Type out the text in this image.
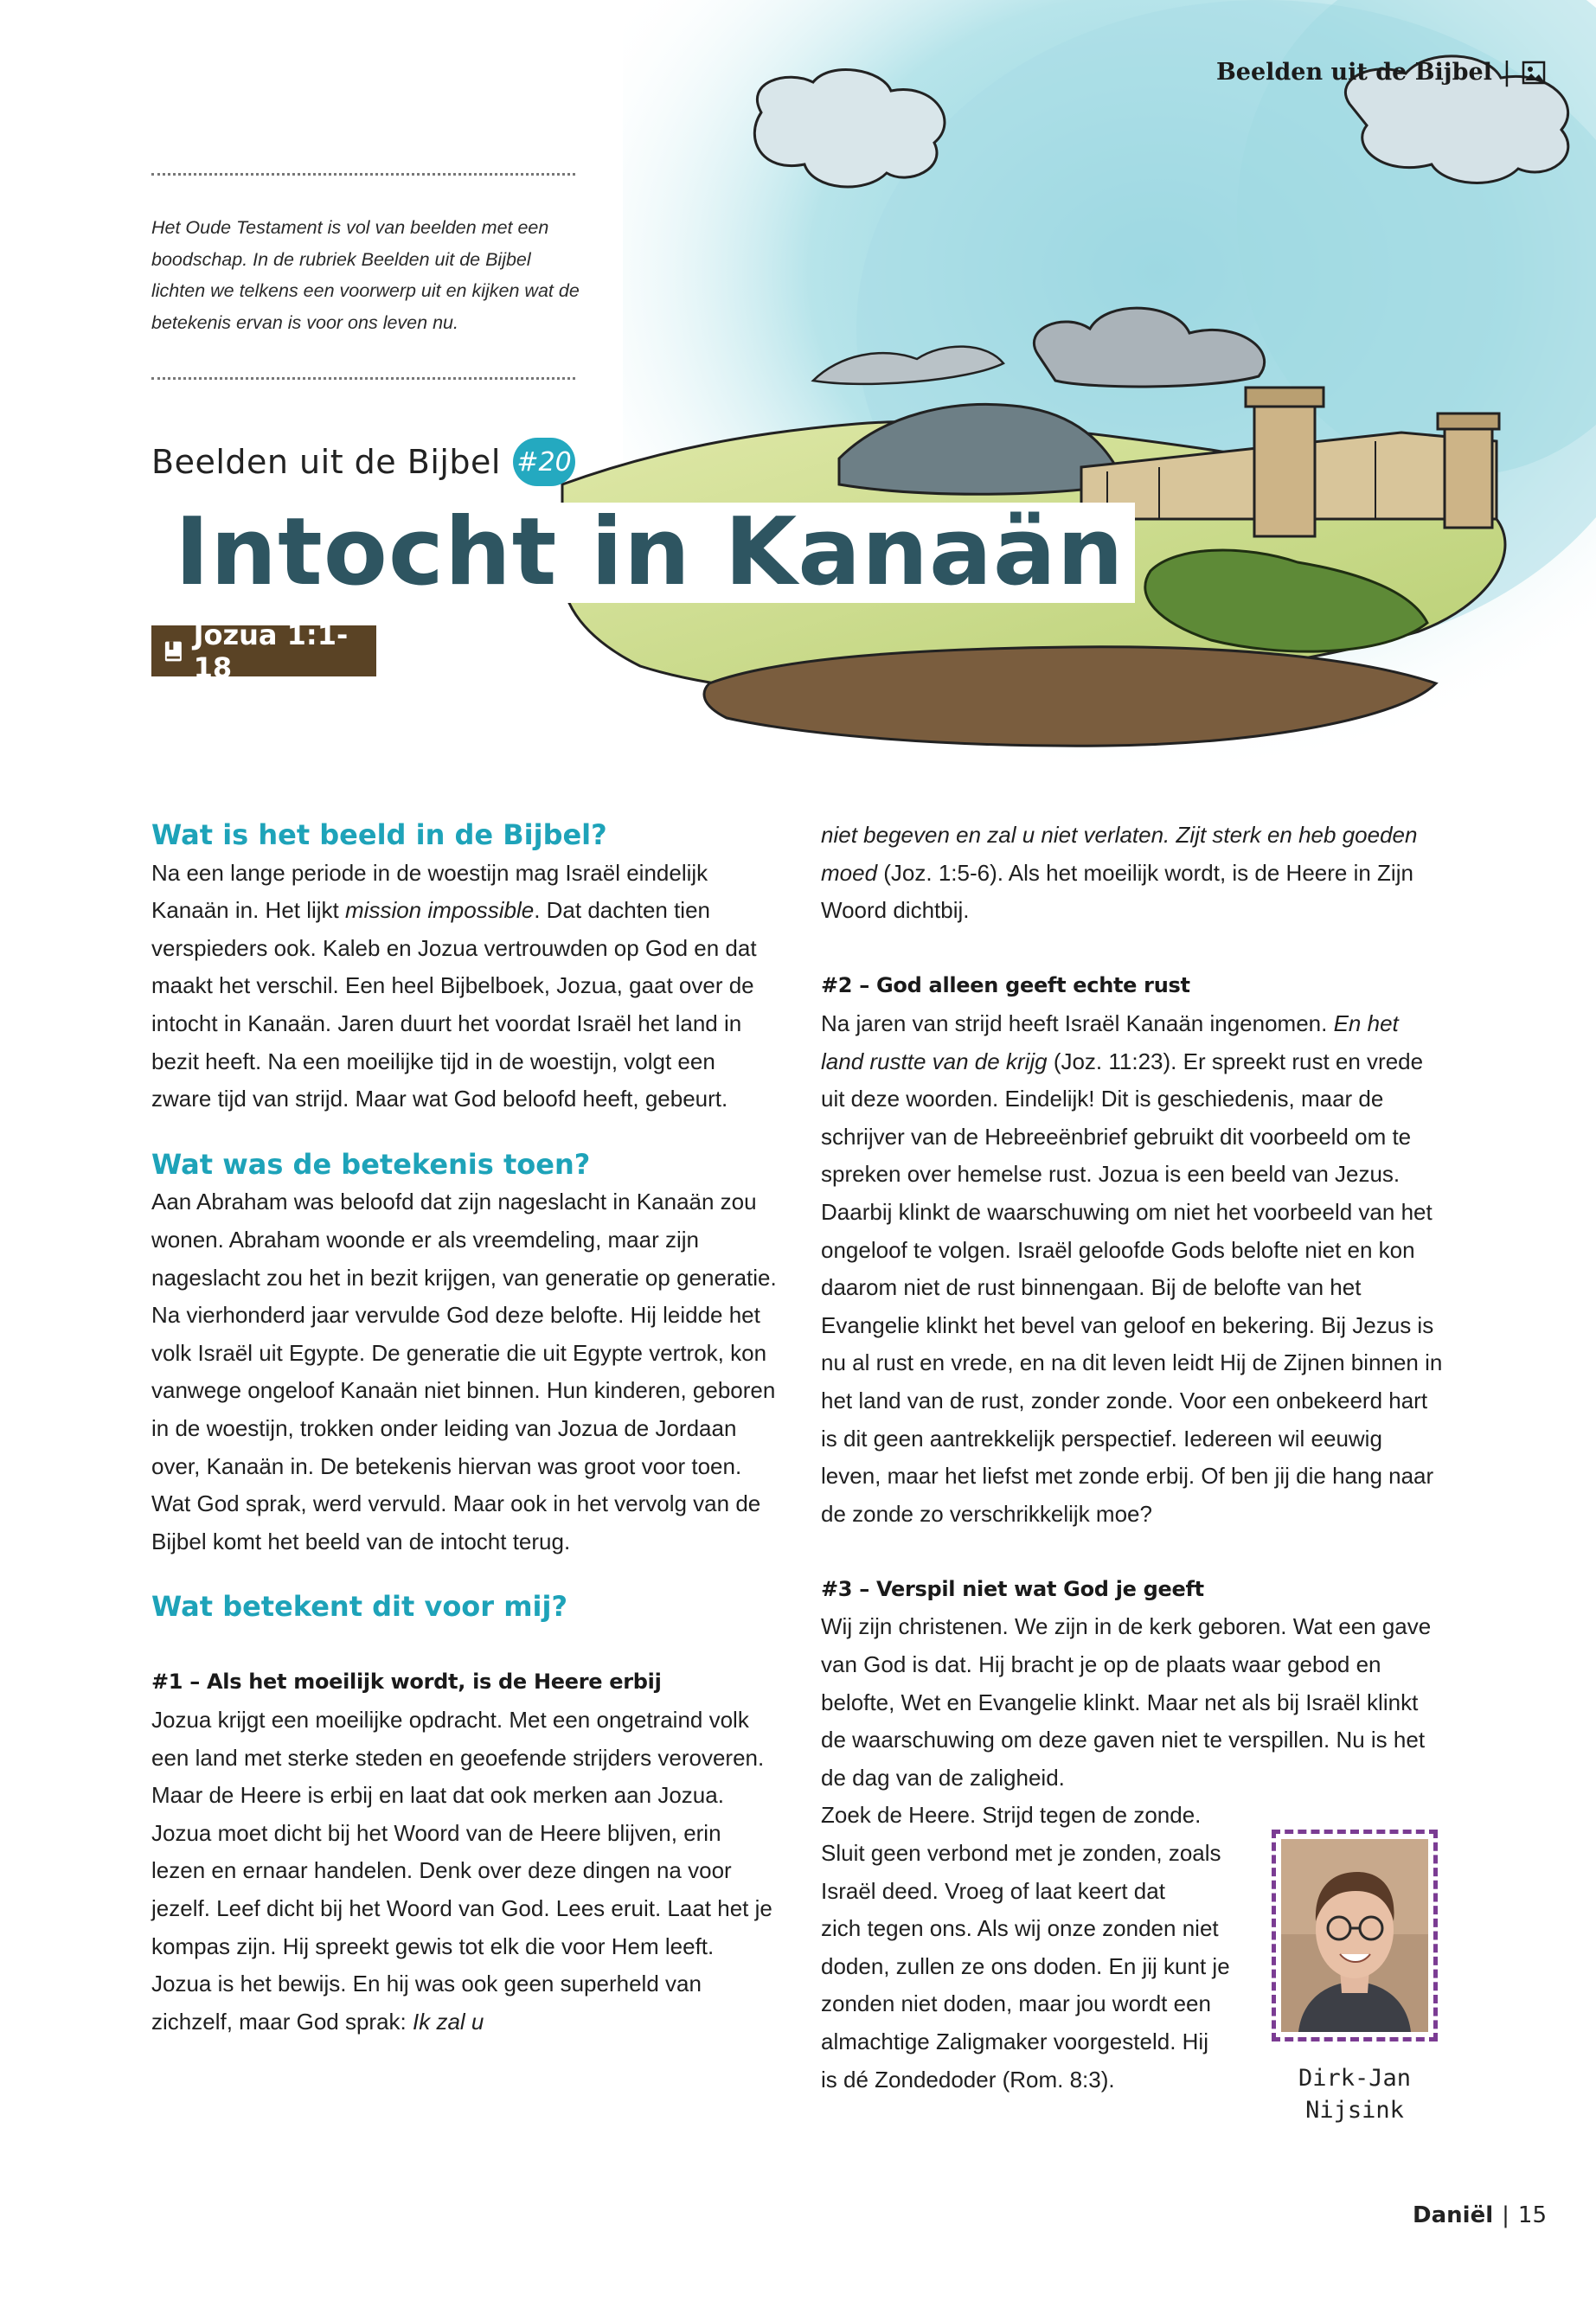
Beelden uit de Bijbel |
Het Oude Testament is vol van beelden met een boodschap. In de rubriek Beelden uit de Bijbel lichten we telkens een voorwerp uit en kijken wat de betekenis ervan is voor ons leven nu.
Beelden uit de Bijbel #20
Intocht in Kanaän
Jozua 1:1-18
Wat is het beeld in de Bijbel?

Na een lange periode in de woestijn mag Israël eindelijk Kanaän in. Het lijkt mission impossible. Dat dachten tien verspieders ook. Kaleb en Jozua vertrouwden op God en dat maakt het verschil. Een heel Bijbelboek, Jozua, gaat over de intocht in Kanaän. Jaren duurt het voordat Israël het land in bezit heeft. Na een moeilijke tijd in de woestijn, volgt een zware tijd van strijd. Maar wat God beloofd heeft, gebeurt.

Wat was de betekenis toen?

Aan Abraham was beloofd dat zijn nageslacht in Kanaän zou wonen. Abraham woonde er als vreemdeling, maar zijn nageslacht zou het in bezit krijgen, van generatie op generatie. Na vierhonderd jaar vervulde God deze belofte. Hij leidde het volk Israël uit Egypte. De generatie die uit Egypte vertrok, kon vanwege ongeloof Kanaän niet binnen. Hun kinderen, geboren in de woestijn, trokken onder leiding van Jozua de Jordaan over, Kanaän in. De betekenis hiervan was groot voor toen. Wat God sprak, werd vervuld. Maar ook in het vervolg van de Bijbel komt het beeld van de intocht terug.

Wat betekent dit voor mij?
#1 – Als het moeilijk wordt, is de Heere erbij

Jozua krijgt een moeilijke opdracht. Met een ongetraind volk een land met sterke steden en geoefende strijders veroveren. Maar de Heere is erbij en laat dat ook merken aan Jozua. Jozua moet dicht bij het Woord van de Heere blijven, erin lezen en ernaar handelen. Denk over deze dingen na voor jezelf. Leef dicht bij het Woord van God. Lees eruit. Laat het je kompas zijn. Hij spreekt gewis tot elk die voor Hem leeft. Jozua is het bewijs. En hij was ook geen superheld van zichzelf, maar God sprak:

Ik zal u

niet begeven en zal u niet verlaten. Zijt sterk en heb goeden moed (Joz. 1:5-6). Als het moeilijk wordt, is de Heere in Zijn Woord dichtbij.

#2 – God alleen geeft echte rust

Na jaren van strijd heeft Israël Kanaän ingenomen. En het land rustte van de krijg (Joz. 11:23). Er spreekt rust en vrede uit deze woorden. Eindelijk! Dit is geschiedenis, maar de schrijver van de Hebreeënbrief gebruikt dit voorbeeld om te spreken over hemelse rust. Jozua is een beeld van Jezus. Daarbij klinkt de waarschuwing om niet het voorbeeld van het ongeloof te volgen. Israël geloofde Gods belofte niet en kon daarom niet de rust binnengaan. Bij de belofte van het Evangelie klinkt het bevel van geloof en bekering. Bij Jezus is nu al rust en vrede, en na dit leven leidt Hij de Zijnen binnen in het land van de rust, zonder zonde. Voor een onbekeerd hart is dit geen aantrekkelijk perspectief. Iedereen wil eeuwig leven, maar het liefst met zonde erbij. Of ben jij die hang naar de zonde zo verschrikkelijk moe?

#3 – Verspil niet wat God je geeft

Wij zijn christenen. We zijn in de kerk geboren. Wat een gave van God is dat. Hij bracht je op de plaats waar gebod en belofte, Wet en Evangelie klinkt. Maar net als bij Israël klinkt de waarschuwing om deze gaven niet te verspillen. Nu is het de dag van de zaligheid.

Zoek de Heere. Strijd tegen de zonde.
Sluit geen verbond met je zonden, zoals
Israël deed. Vroeg of laat keert dat
zich tegen ons. Als wij onze zonden niet
doden, zullen ze ons doden. En jij kunt je
zonden niet doden, maar jou wordt een
almachtige Zaligmaker voorgesteld. Hij
is dé Zondedoder (Rom. 8:3).	Dirk-Jan
Nijsink
Daniël | 15
